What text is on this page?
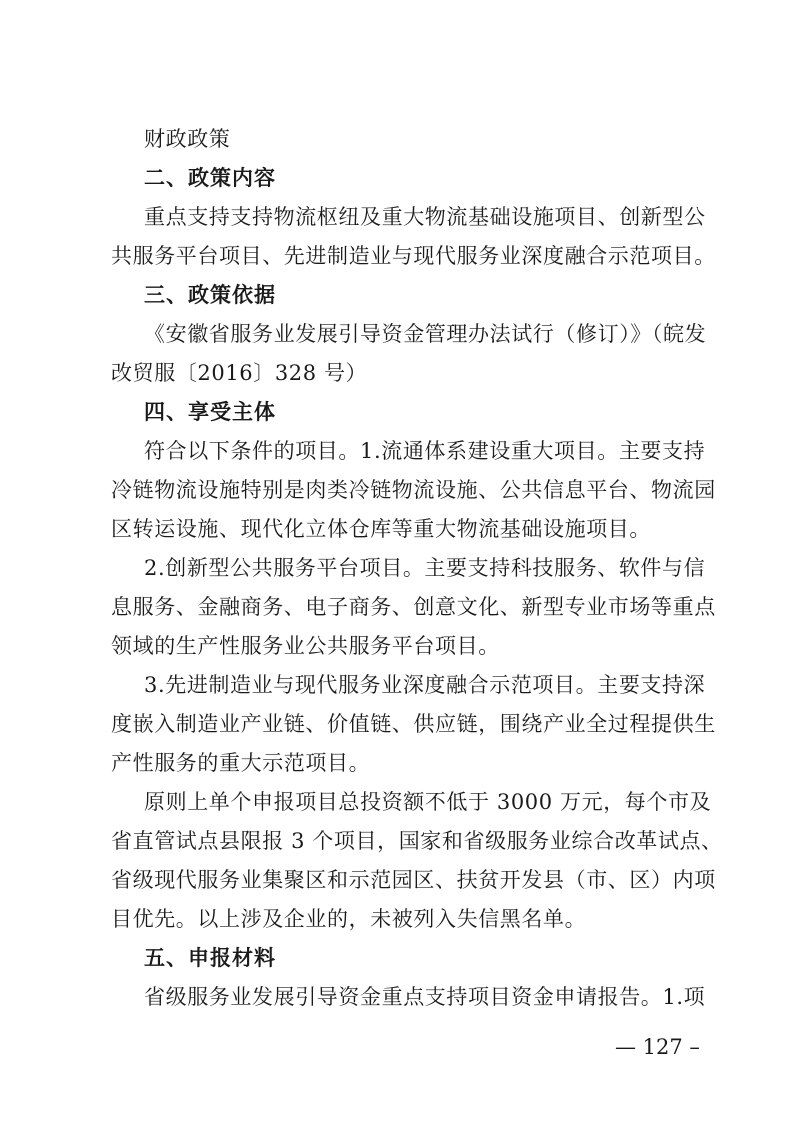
财政政策
二、政策内容
重点支持支持物流枢纽及重大物流基础设施项目、创新型公
共服务平台项目、先进制造业与现代服务业深度融合示范项目。
三、政策依据
《安徽省服务业发展引导资金管理办法试行（修订）》（皖发
改贸服〔2016〕328 号）
四、享受主体
符合以下条件的项目。1.流通体系建设重大项目。主要支持
冷链物流设施特别是肉类冷链物流设施、公共信息平台、物流园
区转运设施、现代化立体仓库等重大物流基础设施项目。
2.创新型公共服务平台项目。主要支持科技服务、软件与信
息服务、金融商务、电子商务、创意文化、新型专业市场等重点
领域的生产性服务业公共服务平台项目。
3.先进制造业与现代服务业深度融合示范项目。主要支持深
度嵌入制造业产业链、价值链、供应链，围绕产业全过程提供生
产性服务的重大示范项目。
原则上单个申报项目总投资额不低于 3000 万元，每个市及
省直管试点县限报 3 个项目，国家和省级服务业综合改革试点、
省级现代服务业集聚区和示范园区、扶贫开发县（市、区）内项
目优先。以上涉及企业的，未被列入失信黑名单。
五、申报材料
省级服务业发展引导资金重点支持项目资金申请报告。1.项
— 127 –
